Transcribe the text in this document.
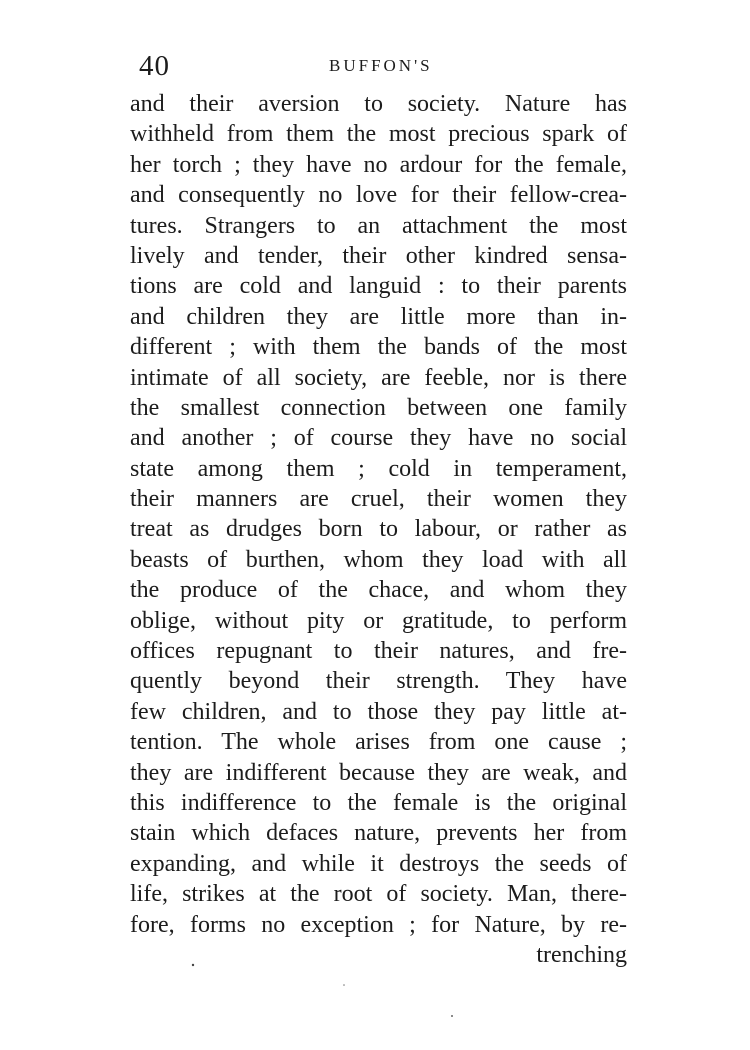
40	BUFFON'S
and their aversion to society. Nature has
withheld from them the most precious spark of
her torch ; they have no ardour for the female,
and consequently no love for their fellow-crea-
tures. Strangers to an attachment the most
lively and tender, their other kindred sensa-
tions are cold and languid : to their parents
and children they are little more than in-
different ; with them the bands of the most
intimate of all society, are feeble, nor is there
the smallest connection between one family
and another ; of course they have no social
state among them ; cold in temperament,
their manners are cruel, their women they
treat as drudges born to labour, or rather as
beasts of burthen, whom they load with all
the produce of the chace, and whom they
oblige, without pity or gratitude, to perform
offices repugnant to their natures, and fre-
quently beyond their strength. They have
few children, and to those they pay little at-
tention. The whole arises from one cause ;
they are indifferent because they are weak, and
this indifference to the female is the original
stain which defaces nature, prevents her from
expanding, and while it destroys the seeds of
life, strikes at the root of society. Man, there-
fore, forms no exception ; for Nature, by re-
trenching
